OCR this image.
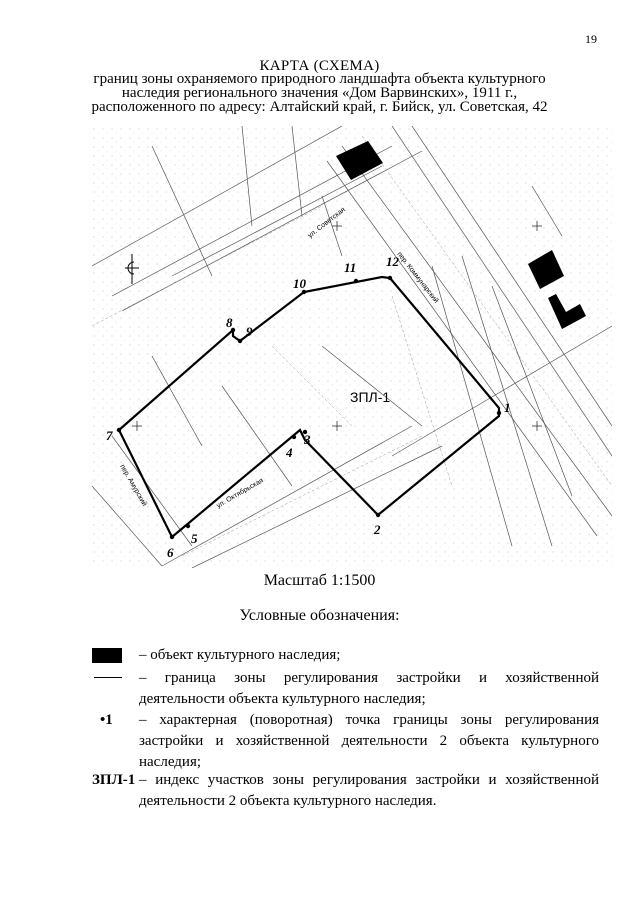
19
КАРТА (СХЕМА)
границ зоны охраняемого природного ландшафта объекта культурного
наследия регионального значения «Дом Варвинских», 1911 г.,
расположенного по адресу: Алтайский край, г. Бийск, ул. Советская, 42
1
2
3
4
5
6
7
8
9
10
11 12
ЗПЛ-1
ул. Советская
пер. Коммунарский
ул. Октябрьская
пер. Амурский
Масштаб 1:1500
Условные обозначения:
– объект культурного наследия;
– граница зоны регулирования застройки и хозяйственной деятельности объекта культурного наследия;
•1 – характерная (поворотная) точка границы зоны регулирования застройки и хозяйственной деятельности 2 объекта культурного наследия;
ЗПЛ-1 – индекс участков зоны регулирования застройки и хозяйственной деятельности 2 объекта культурного наследия.
